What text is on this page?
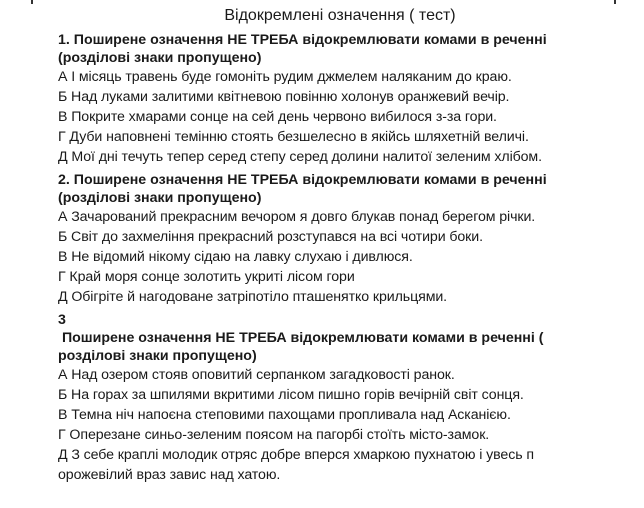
Відокремлені означення ( тест)
1. Поширене означення НЕ ТРЕБА відокремлювати комами в реченні
(розділові знаки пропущено)
А І місяць травень буде гомоніть рудим джмелем наляканим до краю.
Б Над луками залитими квітневою повінню холонув оранжевий вечір.
В Покрите хмарами сонце на сей день червоно вибилося з-за гори.
Г Дуби наповнені темінню стоять безшелесно в якійсь шляхетній величі.
Д Мої дні течуть тепер серед степу серед долини налитої зеленим хлібом.
2. Поширене означення НЕ ТРЕБА відокремлювати комами в реченні
(розділові знаки пропущено)
А Зачарований прекрасним вечором я довго блукав понад берегом річки.
Б Світ до захмеління прекрасний розступався на всі чотири боки.
В Не відомий нікому сідаю на лавку слухаю і дивлюся.
Г Край моря сонце золотить укриті лісом гори
Д Обігріте й нагодоване затріпотіло пташенятко крильцями.
3
Поширене означення НЕ ТРЕБА відокремлювати комами в реченні (
розділові знаки пропущено)
А Над озером стояв оповитий серпанком загадковості ранок.
Б На горах за шпилями вкритими лісом пишно горів вечірній світ сонця.
В Темна ніч напоєна степовими пахощами пропливала над Асканією.
Г Оперезане синьо-зеленим поясом на пагорбі стоїть місто-замок.
Д З себе краплі молодик отряс добре вперся хмаркою пухнатою і увесь п
орожевілий враз завис над хатою.
